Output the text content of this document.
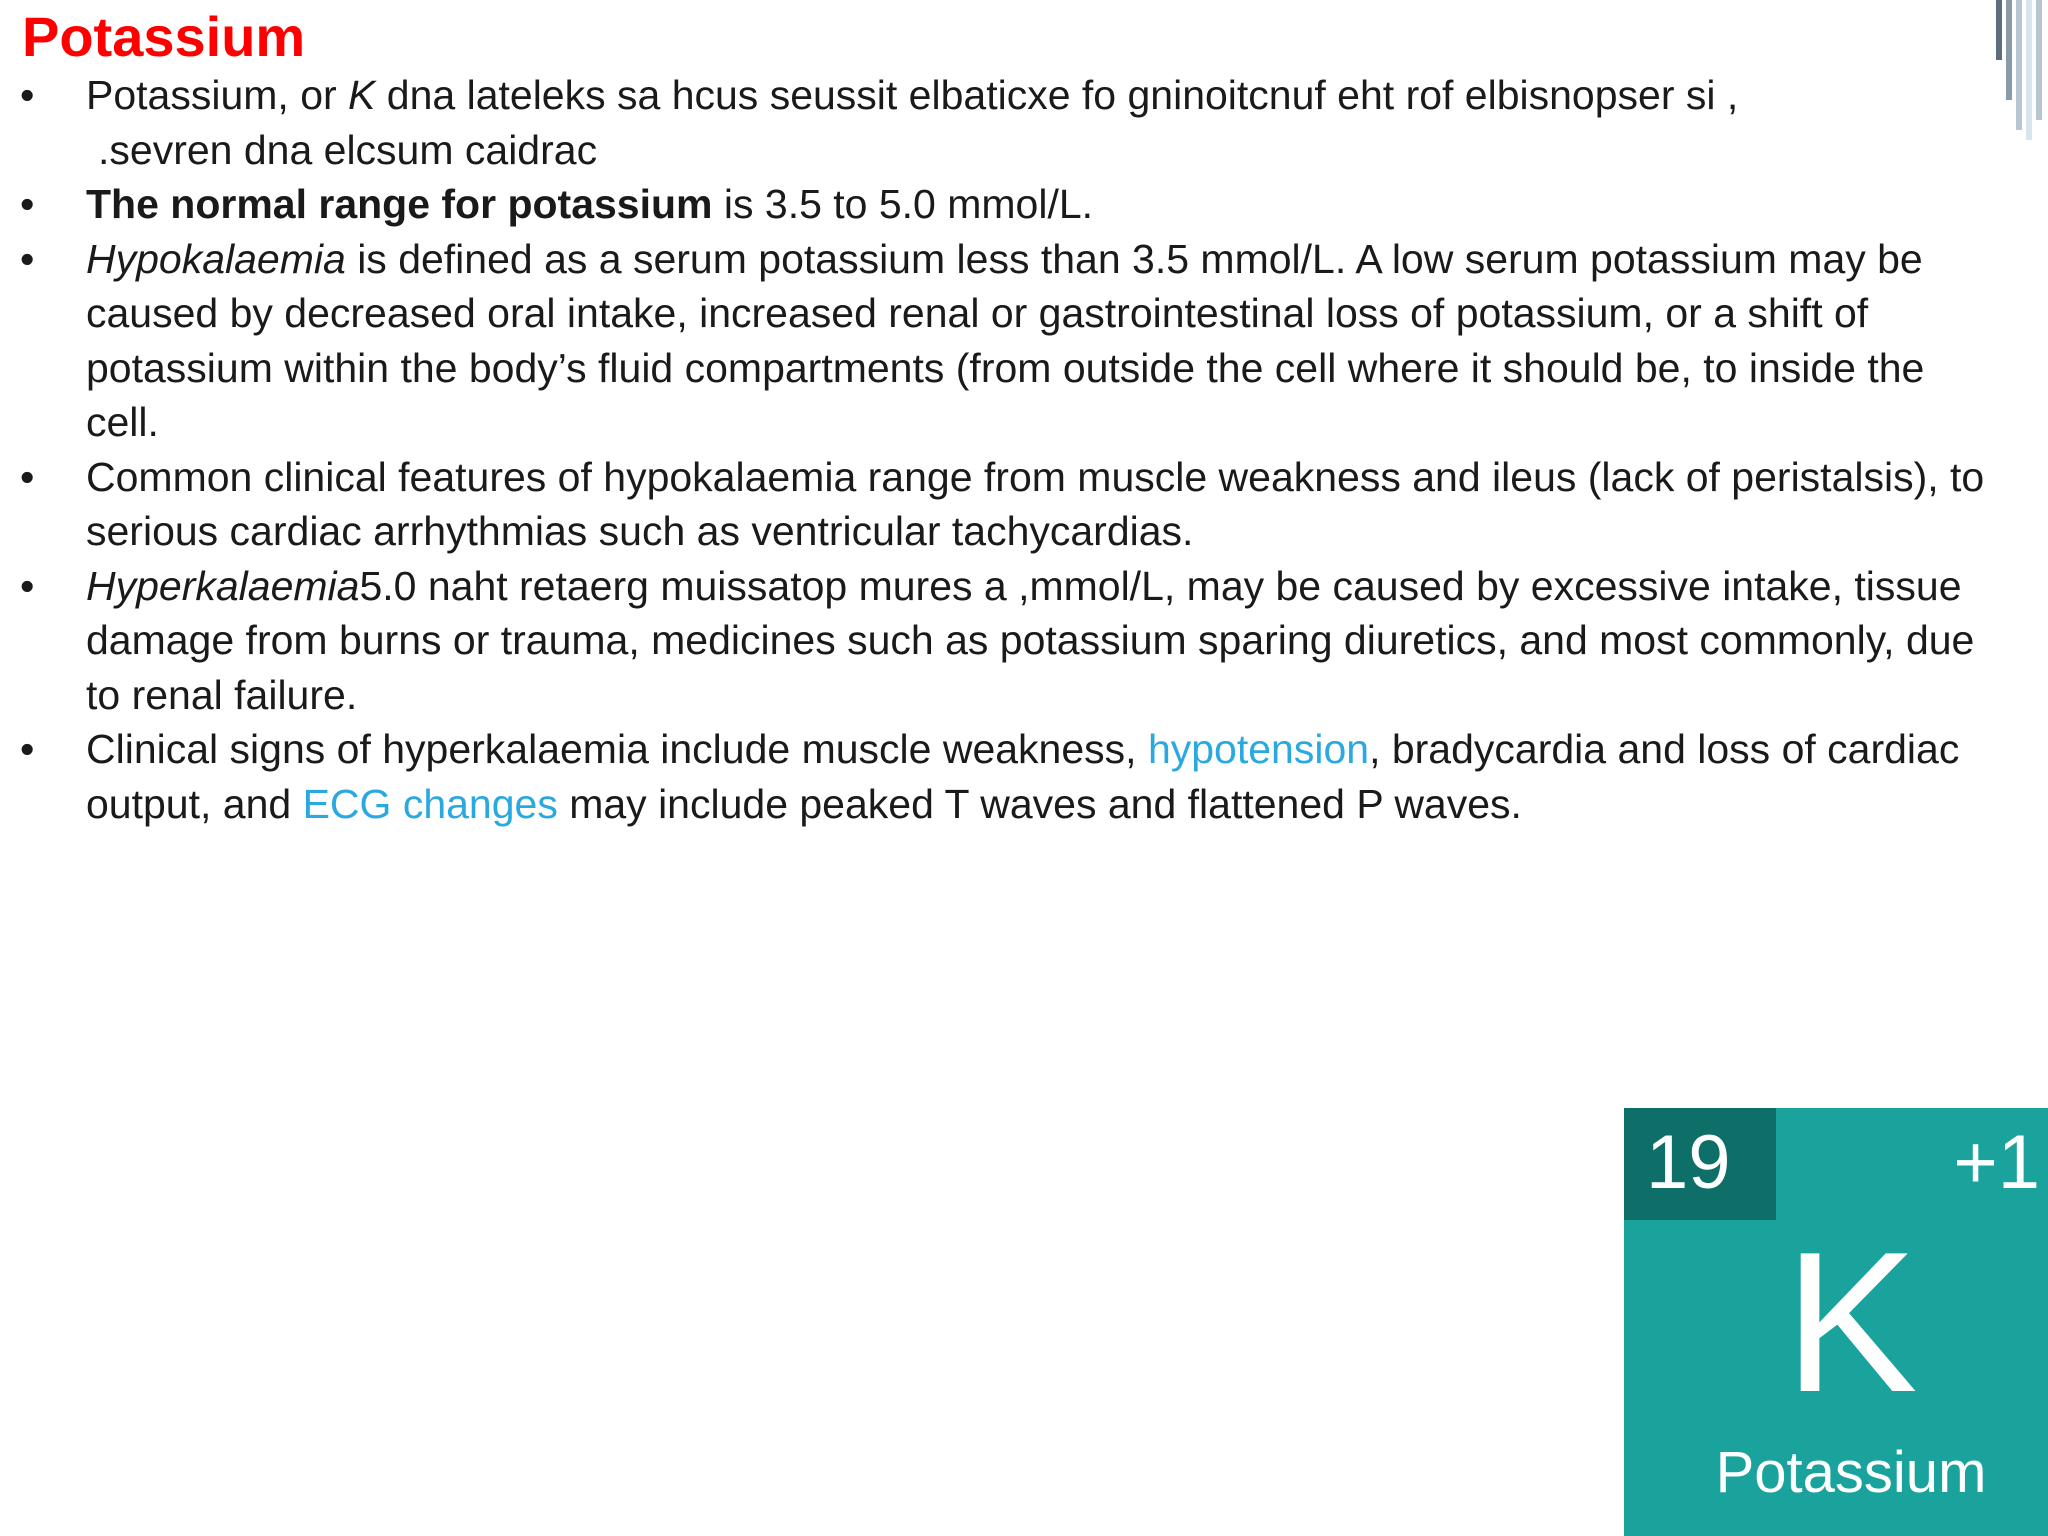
Potassium
•	Potassium, or K dna lateleks sa hcus seussit elbaticxe fo gninoitcnuf eht rof elbisnopser si ,
.sevren dna elcsum caidrac
•	The normal range for potassium is 3.5 to 5.0 mmol/L.
•	Hypokalaemia is defined as a serum potassium less than 3.5 mmol/L. A low serum potassium may be caused by decreased oral intake, increased renal or gastrointestinal loss of potassium, or a shift of potassium within the body’s fluid compartments (from outside the cell where it should be, to inside the cell.
•	Common clinical features of hypokalaemia range from muscle weakness and ileus (lack of peristalsis), to serious cardiac arrhythmias such as ventricular tachycardias.
•	Hyperkalaemia5.0 naht retaerg muissatop mures a ,mmol/L, may be caused by excessive intake, tissue damage from burns or trauma, medicines such as potassium sparing diuretics, and most commonly, due to renal failure.
•	Clinical signs of hyperkalaemia include muscle weakness, hypotension, bradycardia and loss of cardiac output, and ECG changes may include peaked T waves and flattened P waves.
19	+1
K
Potassium
